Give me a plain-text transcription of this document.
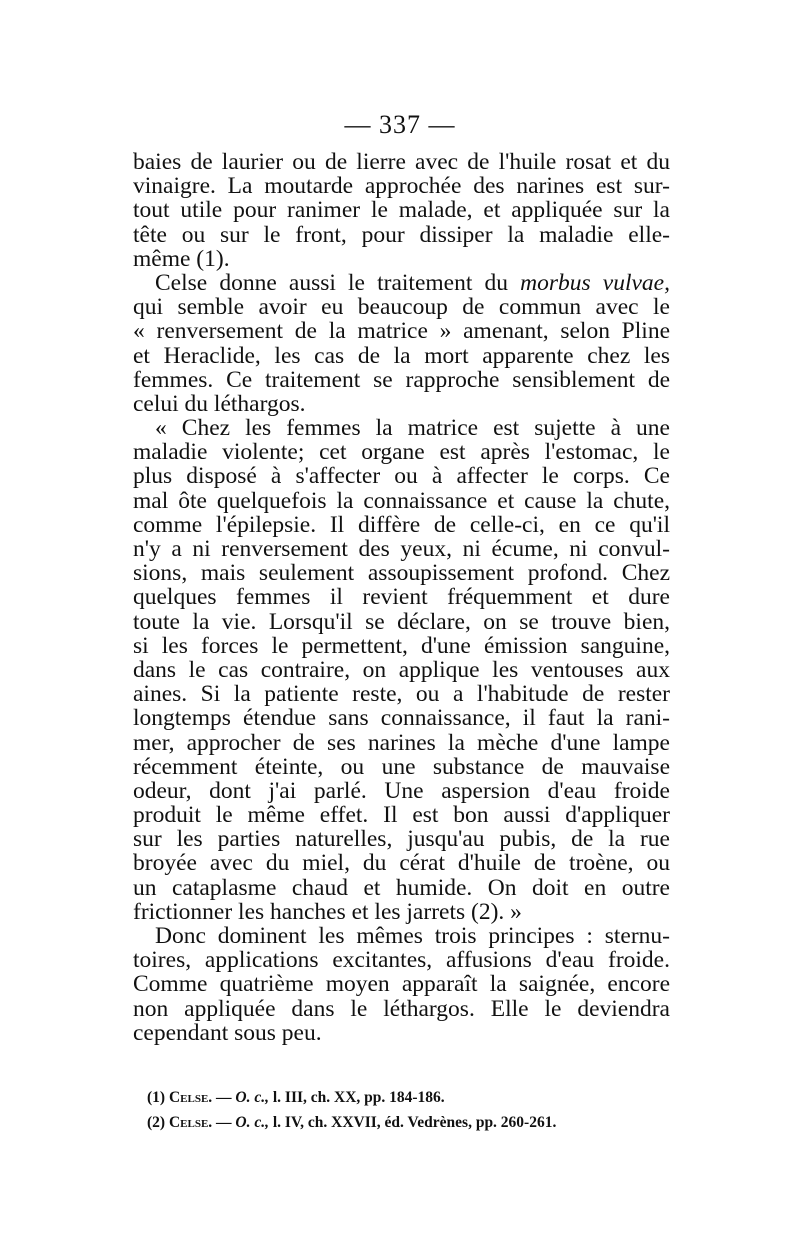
— 337 —
baies de laurier ou de lierre avec de l'huile rosat et du
vinaigre. La moutarde approchée des narines est sur-
tout utile pour ranimer le malade, et appliquée sur la
tête ou sur le front, pour dissiper la maladie elle-
même (1).
Celse donne aussi le traitement du morbus vulvae,
qui semble avoir eu beaucoup de commun avec le
« renversement de la matrice » amenant, selon Pline
et Heraclide, les cas de la mort apparente chez les
femmes. Ce traitement se rapproche sensiblement de
celui du léthargos.
« Chez les femmes la matrice est sujette à une
maladie violente; cet organe est après l'estomac, le
plus disposé à s'affecter ou à affecter le corps. Ce
mal ôte quelquefois la connaissance et cause la chute,
comme l'épilepsie. Il diffère de celle-ci, en ce qu'il
n'y a ni renversement des yeux, ni écume, ni convul-
sions, mais seulement assoupissement profond. Chez
quelques femmes il revient fréquemment et dure
toute la vie. Lorsqu'il se déclare, on se trouve bien,
si les forces le permettent, d'une émission sanguine,
dans le cas contraire, on applique les ventouses aux
aines. Si la patiente reste, ou a l'habitude de rester
longtemps étendue sans connaissance, il faut la rani-
mer, approcher de ses narines la mèche d'une lampe
récemment éteinte, ou une substance de mauvaise
odeur, dont j'ai parlé. Une aspersion d'eau froide
produit le même effet. Il est bon aussi d'appliquer
sur les parties naturelles, jusqu'au pubis, de la rue
broyée avec du miel, du cérat d'huile de troène, ou
un cataplasme chaud et humide. On doit en outre
frictionner les hanches et les jarrets (2). »
Donc dominent les mêmes trois principes : sternu-
toires, applications excitantes, affusions d'eau froide.
Comme quatrième moyen apparaît la saignée, encore
non appliquée dans le léthargos. Elle le deviendra
cependant sous peu.
(1) Celse. — O. c., l. III, ch. XX, pp. 184-186.
(2) Celse. — O. c., l. IV, ch. XXVII, éd. Vedrènes, pp. 260-261.
